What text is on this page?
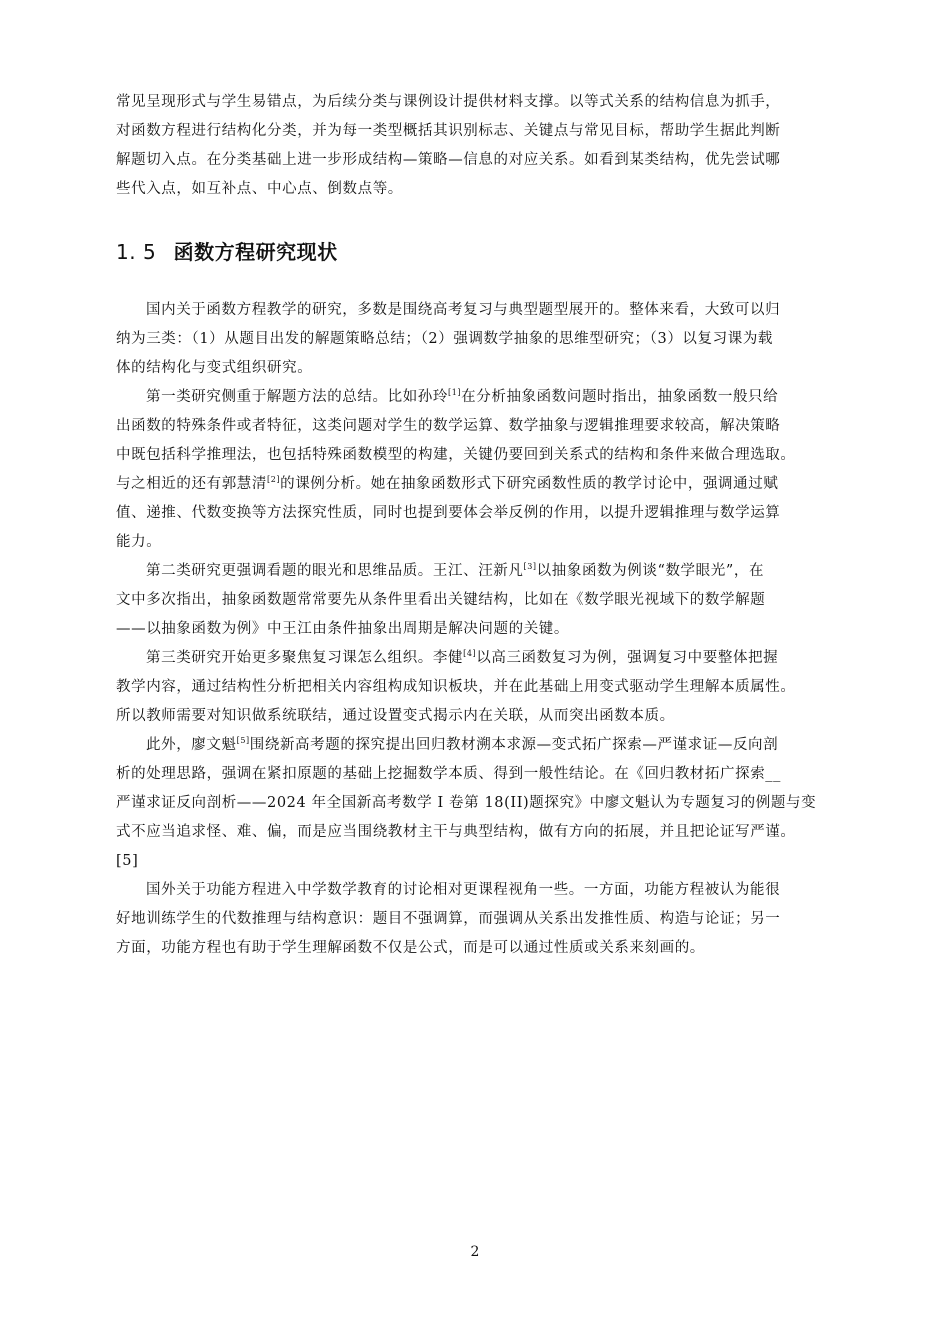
常见呈现形式与学生易错点，为后续分类与课例设计提供材料支撑。以等式关系的结构信息为抓手，

对函数方程进行结构化分类，并为每一类型概括其识别标志、关键点与常见目标，帮助学生据此判断

解题切入点。在分类基础上进一步形成结构—策略—信息的对应关系。如看到某类结构，优先尝试哪

些代入点，如互补点、中心点、倒数点等。

1. 5 函数方程研究现状

国内关于函数方程教学的研究，多数是围绕高考复习与典型题型展开的。整体来看，大致可以归

纳为三类：（1）从题目出发的解题策略总结；（2）强调数学抽象的思维型研究；（3）以复习课为载

体的结构化与变式组织研究。

第一类研究侧重于解题方法的总结。比如孙玲[1]在分析抽象函数问题时指出，抽象函数一般只给

出函数的特殊条件或者特征，这类问题对学生的数学运算、数学抽象与逻辑推理要求较高，解决策略

中既包括科学推理法，也包括特殊函数模型的构建，关键仍要回到关系式的结构和条件来做合理选取。

与之相近的还有郭慧清[2]的课例分析。她在抽象函数形式下研究函数性质的教学讨论中，强调通过赋

值、递推、代数变换等方法探究性质，同时也提到要体会举反例的作用，以提升逻辑推理与数学运算

能力。

第二类研究更强调看题的眼光和思维品质。王江、汪新凡[3]以抽象函数为例谈“数学眼光”，在

文中多次指出，抽象函数题常常要先从条件里看出关键结构，比如在《数学眼光视域下的数学解题

——以抽象函数为例》中王江由条件抽象出周期是解决问题的关键。

第三类研究开始更多聚焦复习课怎么组织。李健[4]以高三函数复习为例，强调复习中要整体把握

教学内容，通过结构性分析把相关内容组构成知识板块，并在此基础上用变式驱动学生理解本质属性。

所以教师需要对知识做系统联结，通过设置变式揭示内在关联，从而突出函数本质。

此外，廖文魁[5]围绕新高考题的探究提出回归教材溯本求源—变式拓广探索—严谨求证—反向剖

析的处理思路，强调在紧扣原题的基础上挖掘数学本质、得到一般性结论。在《回归教材拓广探索__

严谨求证反向剖析——2024 年全国新高考数学 I 卷第 18(II)题探究》中廖文魁认为专题复习的例题与变

式不应当追求怪、难、偏，而是应当围绕教材主干与典型结构，做有方向的拓展，并且把论证写严谨。

[5]

国外关于功能方程进入中学数学教育的讨论相对更课程视角一些。一方面，功能方程被认为能很

好地训练学生的代数推理与结构意识：题目不强调算，而强调从关系出发推性质、构造与论证；另一

方面，功能方程也有助于学生理解函数不仅是公式，而是可以通过性质或关系来刻画的。

2
